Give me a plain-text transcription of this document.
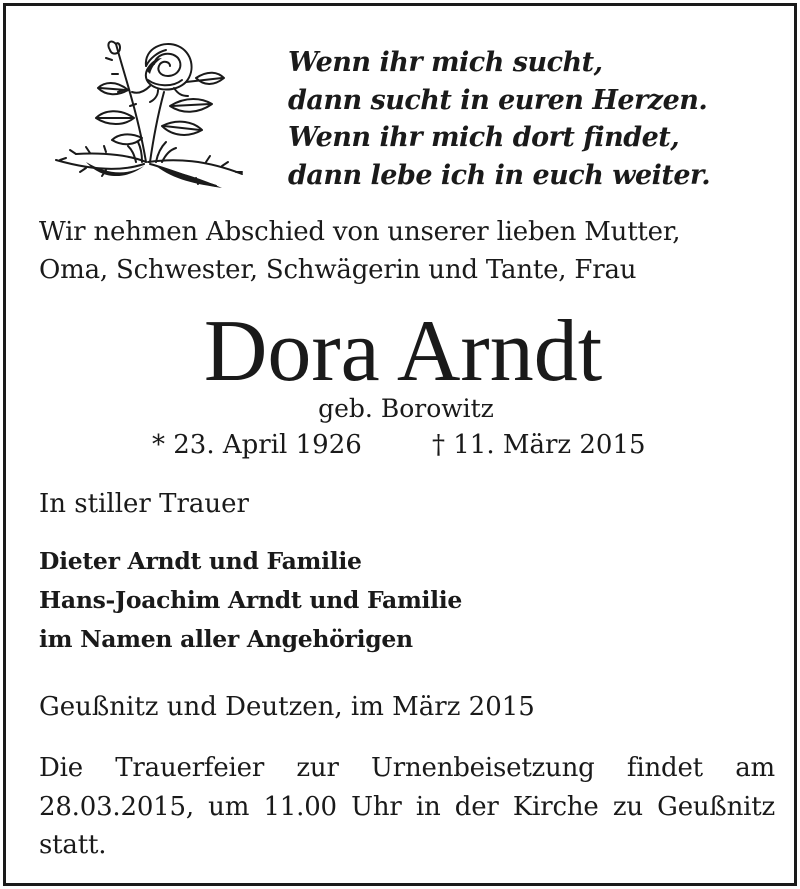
Wenn ihr mich sucht,
dann sucht in euren Herzen.
Wenn ihr mich dort findet,
dann lebe ich in euch weiter.
Wir nehmen Abschied von unserer lieben Mutter,
Oma, Schwester, Schwägerin und Tante, Frau
Dora Arndt
geb. Borowitz
* 23. April 1926	† 11. März 2015
In stiller Trauer
Dieter Arndt und Familie
Hans-Joachim Arndt und Familie
im Namen aller Angehörigen
Geußnitz und Deutzen, im März 2015
Die Trauerfeier zur Urnenbeisetzung findet am 28.03.2015, um 11.00 Uhr in der Kirche zu Geußnitz statt.
